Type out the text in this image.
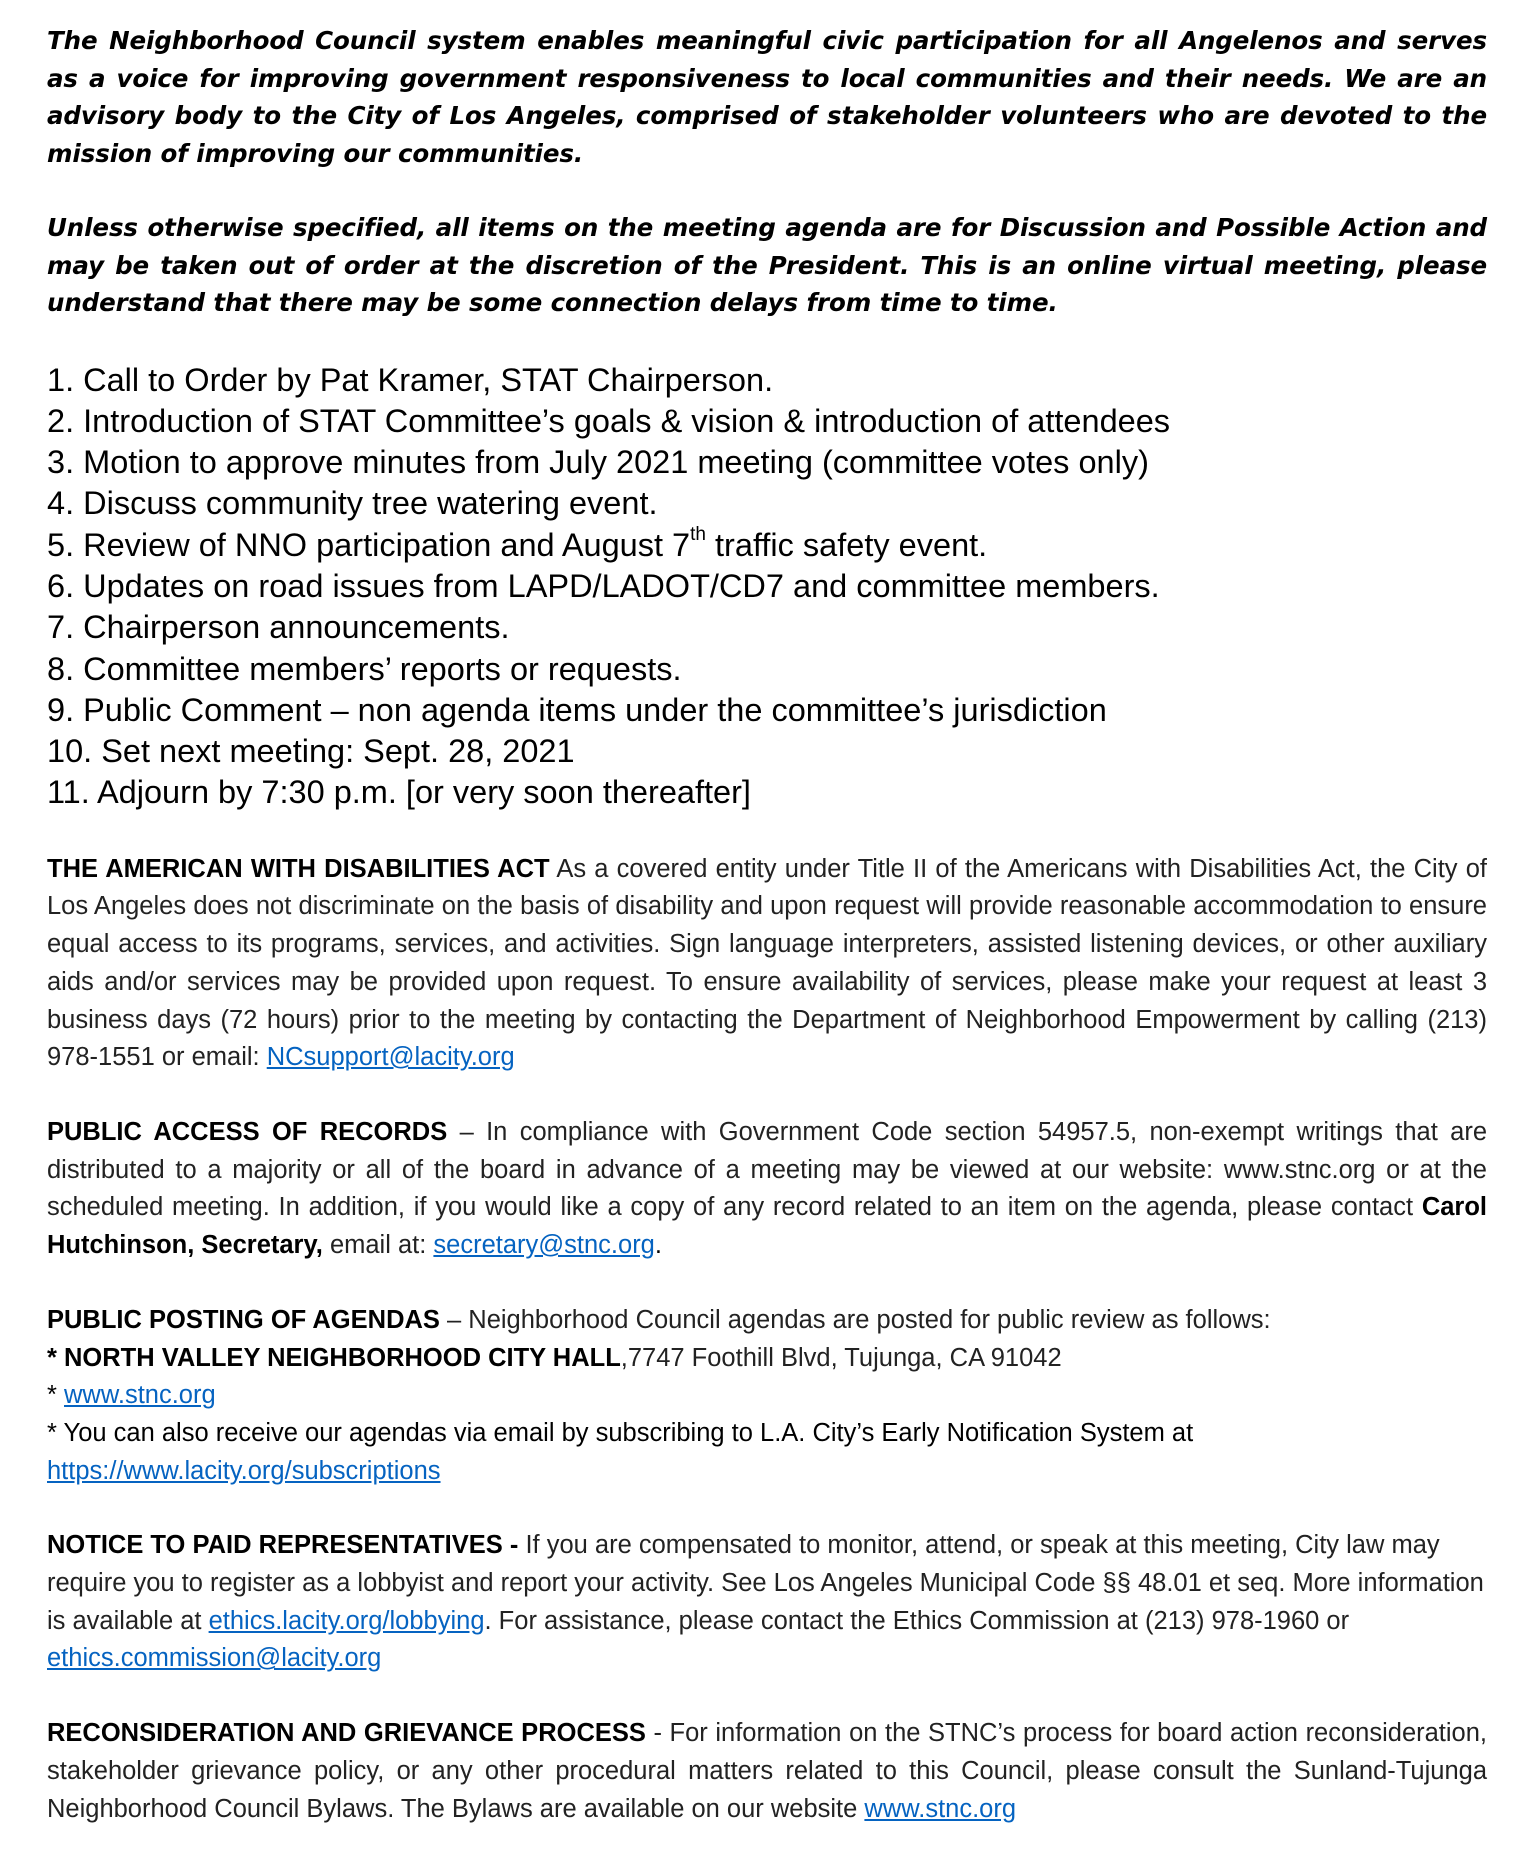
The Neighborhood Council system enables meaningful civic participation for all Angelenos and serves as a voice for improving government responsiveness to local communities and their needs. We are an advisory body to the City of Los Angeles, comprised of stakeholder volunteers who are devoted to the mission of improving our communities.

Unless otherwise specified, all items on the meeting agenda are for Discussion and Possible Action and may be taken out of order at the discretion of the President. This is an online virtual meeting, please understand that there may be some connection delays from time to time.

1. Call to Order by Pat Kramer, STAT Chairperson.
2. Introduction of STAT Committee’s goals & vision & introduction of attendees
3. Motion to approve minutes from July 2021 meeting (committee votes only)
4. Discuss community tree watering event.
5. Review of NNO participation and August 7th traffic safety event.
6. Updates on road issues from LAPD/LADOT/CD7 and committee members.
7. Chairperson announcements.
8. Committee members’ reports or requests.
9. Public Comment – non agenda items under the committee’s jurisdiction
10. Set next meeting: Sept. 28, 2021
11. Adjourn by 7:30 p.m. [or very soon thereafter]

THE AMERICAN WITH DISABILITIES ACT As a covered entity under Title II of the Americans with Disabilities Act, the City of Los Angeles does not discriminate on the basis of disability and upon request will provide reasonable accommodation to ensure equal access to its programs, services, and activities. Sign language interpreters, assisted listening devices, or other auxiliary aids and/or services may be provided upon request. To ensure availability of services, please make your request at least 3 business days (72 hours) prior to the meeting by contacting the Department of Neighborhood Empowerment by calling (213) 978-1551 or email: NCsupport@lacity.org

PUBLIC ACCESS OF RECORDS – In compliance with Government Code section 54957.5, non-exempt writings that are distributed to a majority or all of the board in advance of a meeting may be viewed at our website: www.stnc.org or at the scheduled meeting. In addition, if you would like a copy of any record related to an item on the agenda, please contact Carol Hutchinson, Secretary, email at: secretary@stnc.org.

PUBLIC POSTING OF AGENDAS – Neighborhood Council agendas are posted for public review as follows:
* NORTH VALLEY NEIGHBORHOOD CITY HALL,7747 Foothill Blvd, Tujunga, CA 91042
* www.stnc.org
* You can also receive our agendas via email by subscribing to L.A. City’s Early Notification System at
https://www.lacity.org/subscriptions

NOTICE TO PAID REPRESENTATIVES - If you are compensated to monitor, attend, or speak at this meeting, City law may require you to register as a lobbyist and report your activity. See Los Angeles Municipal Code §§ 48.01 et seq. More information is available at ethics.lacity.org/lobbying. For assistance, please contact the Ethics Commission at (213) 978-1960 or ethics.commission@lacity.org

RECONSIDERATION AND GRIEVANCE PROCESS - For information on the STNC’s process for board action reconsideration, stakeholder grievance policy, or any other procedural matters related to this Council, please consult the Sunland-Tujunga Neighborhood Council Bylaws. The Bylaws are available on our website www.stnc.org
